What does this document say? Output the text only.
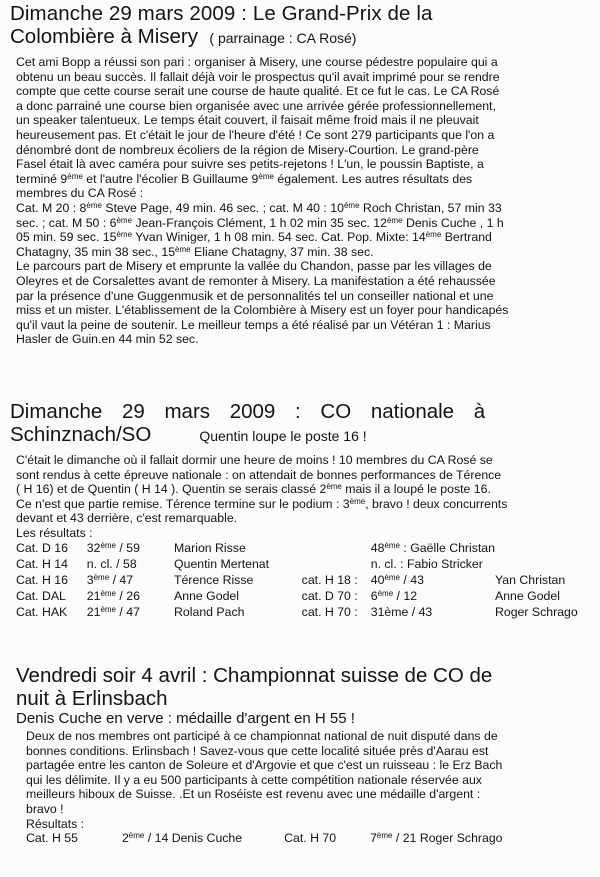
Dimanche 29 mars 2009 : Le Grand-Prix de la
Colombière à Misery ( parrainage : CA Rosé)
Cet ami Bopp a réussi son pari : organiser à Misery, une course pédestre populaire qui a
obtenu un beau succès. Il fallait déjà voir le prospectus qu'il avait imprimé pour se rendre
compte que cette course serait une course de haute qualité. Et ce fut le cas. Le CA Rosé
a donc parrainé une course bien organisée avec une arrivée gérée professionnellement,
un speaker talentueux. Le temps était couvert, il faisait même froid mais il ne pleuvait
heureusement pas. Et c'était le jour de l'heure d'été ! Ce sont 279 participants que l'on a
dénombré dont de nombreux écoliers de la région de Misery-Courtion. Le grand-père
Fasel était là avec caméra pour suivre ses petits-rejetons ! L'un, le poussin Baptiste, a
terminé 9ème et l'autre l'écolier B Guillaume 9ème également. Les autres résultats des
membres du CA Rosé :
Cat. M 20 : 8ème Steve Page, 49 min. 46 sec. ; cat. M 40 : 10ème Roch Christan, 57 min 33
sec. ; cat. M 50 : 6ème Jean-François Clément, 1 h 02 min 35 sec. 12ème Denis Cuche , 1 h
05 min. 59 sec. 15ème Yvan Winiger, 1 h 08 min. 54 sec. Cat. Pop. Mixte: 14ème Bertrand
Chatagny, 35 min 38 sec., 15ème Eliane Chatagny, 37 min. 38 sec.
Le parcours part de Misery et emprunte la vallée du Chandon, passe par les villages de
Oleyres et de Corsalettes avant de remonter à Misery. La manifestation a été rehaussée
par la présence d'une Guggenmusik et de personnalités tel un conseiller national et une
miss et un mister. L'établissement de la Colombière à Misery est un foyer pour handicapés
qu'il vaut la peine de soutenir. Le meilleur temps a été réalisé par un Vétéran 1 : Marius
Hasler de Guin.en 44 min 52 sec.
Dimanche 29 mars 2009 : CO nationale à
Schinznach/SO	Quentin loupe le poste 16 !
C'était le dimanche où il fallait dormir une heure de moins ! 10 membres du CA Rosé se
sont rendus à cette épreuve nationale : on attendait de bonnes performances de Térence
( H 16) et de Quentin ( H 14 ). Quentin se serais classé 2ème mais il a loupé le poste 16.
Ce n'est que partie remise. Térence termine sur le podium : 3ème, bravo ! deux concurrents
devant et 43 derrière, c'est remarquable.
Les résultats :
Cat. D 16	32ème / 59	Marion Risse		48ème : Gaëlle Christan	
Cat. H 14	n. cl. / 58	Quentin Mertenat		n. cl. : Fabio Stricker	
Cat. H 16	3ème / 47	Térence Risse	cat. H 18 :	40ème / 43	Yan Christan
Cat. DAL	21ème / 26	Anne Godel	cat. D 70 :	6ème / 12	Anne Godel
Cat. HAK	21ème / 47	Roland Pach	cat. H 70 :	31ème / 43	Roger Schrago
Vendredi soir 4 avril : Championnat suisse de CO de
nuit à Erlinsbach
Denis Cuche en verve : médaille d'argent en H 55 !
Deux de nos membres ont participé à ce championnat national de nuit disputé dans de
bonnes conditions. Erlinsbach ! Savez-vous que cette localité située près d'Aarau est
partagée entre les canton de Soleure et d'Argovie et que c'est un ruisseau : le Erz Bach
qui les délimite. Il y a eu 500 participants à cette compétition nationale réservée aux
meilleurs hiboux de Suisse. .Et un Roséiste est revenu avec une médaille d'argent :
bravo !
Résultats :
Cat. H 55	2ème / 14 Denis Cuche	Cat. H 70	7ème / 21 Roger Schrago
